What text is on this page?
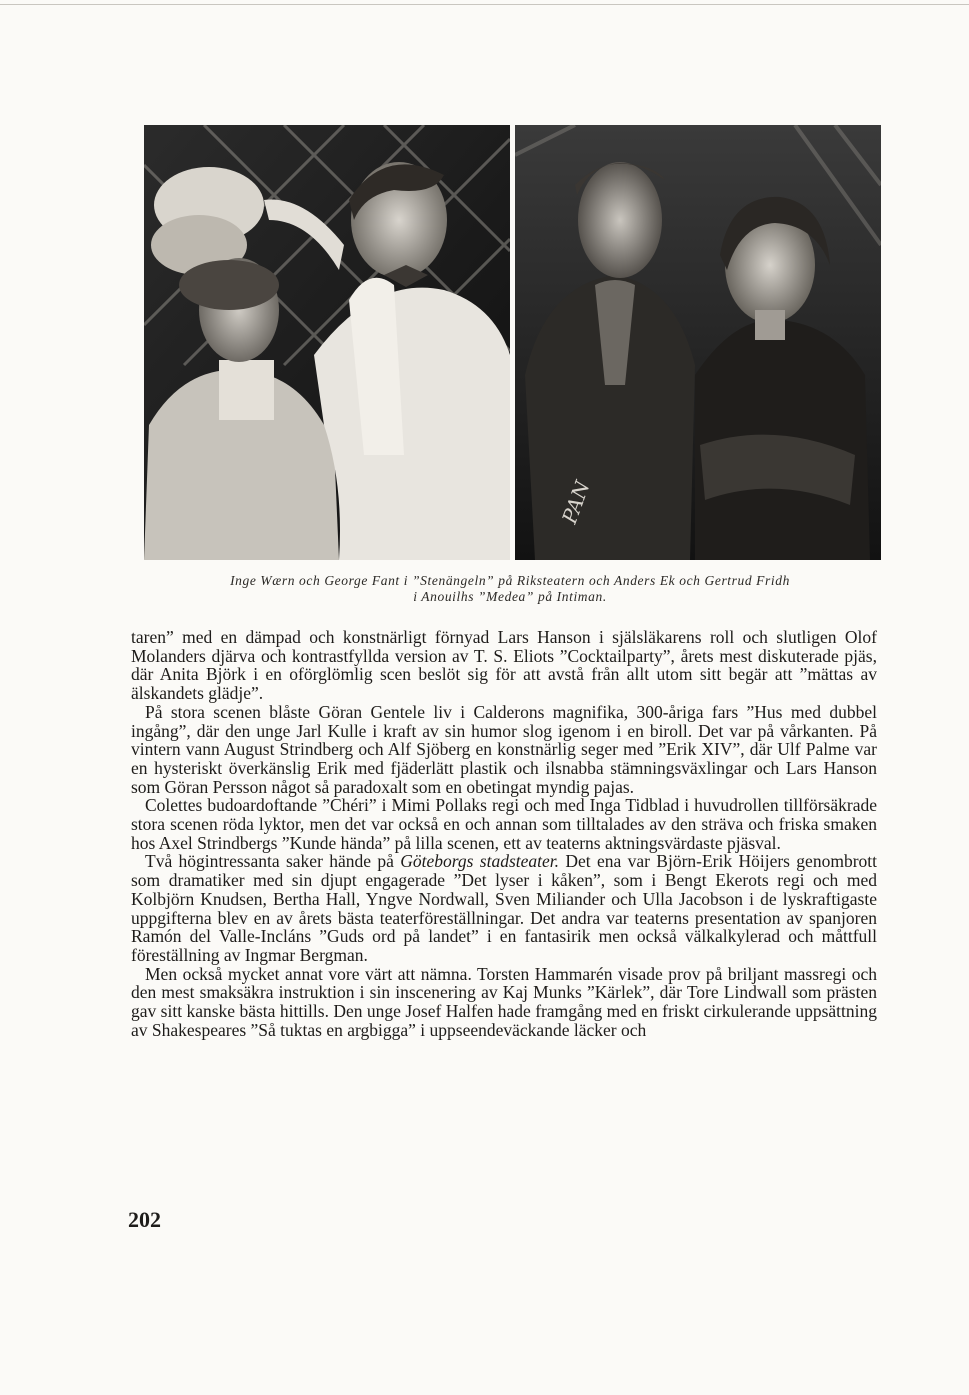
PAN
Inge Wærn och George Fant i ”Stenängeln” på Riksteatern och Anders Ek och Gertrud Fridh
i Anouilhs ”Medea” på Intiman.

taren” med en dämpad och konstnärligt förnyad Lars Hanson i själsläkarens roll och slutligen Olof Molanders djärva och kontrastfyllda version av T. S. Eliots ”Cocktailparty”, årets mest diskuterade pjäs, där Anita Björk i en oförglömlig scen beslöt sig för att avstå från allt utom sitt begär att ”mättas av älskandets glädje”.

På stora scenen blåste Göran Gentele liv i Calderons magnifika, 300-åriga fars ”Hus med dubbel ingång”, där den unge Jarl Kulle i kraft av sin humor slog igenom i en biroll. Det var på vårkanten. På vintern vann August Strindberg och Alf Sjöberg en konstnärlig seger med ”Erik XIV”, där Ulf Palme var en hysteriskt överkänslig Erik med fjäderlätt plastik och ilsnabba stämningsväxlingar och Lars Hanson som Göran Persson något så paradoxalt som en obetingat myndig pajas.

Colettes budoardoftande ”Chéri” i Mimi Pollaks regi och med Inga Tidblad i huvudrollen tillförsäkrade stora scenen röda lyktor, men det var också en och annan som tilltalades av den sträva och friska smaken hos Axel Strindbergs ”Kunde hända” på lilla scenen, ett av teaterns aktningsvärdaste pjäsval.

Två högintressanta saker hände på Göteborgs stadsteater. Det ena var Björn-Erik Höijers genombrott som dramatiker med sin djupt engagerade ”Det lyser i kåken”, som i Bengt Ekerots regi och med Kolbjörn Knudsen, Bertha Hall, Yngve Nordwall, Sven Miliander och Ulla Jacobson i de lyskraftigaste uppgifterna blev en av årets bästa teaterföreställningar. Det andra var teaterns presentation av spanjoren Ramón del Valle-Incláns ”Guds ord på landet” i en fantasirik men också välkalkylerad och måttfull föreställning av Ingmar Bergman.

Men också mycket annat vore värt att nämna. Torsten Hammarén visade prov på briljant massregi och den mest smaksäkra instruktion i sin inscenering av Kaj Munks ”Kärlek”, där Tore Lindwall som prästen gav sitt kanske bästa hittills. Den unge Josef Halfen hade framgång med en friskt cirkulerande uppsättning av Shakespeares ”Så tuktas en argbigga” i uppseendeväckande läcker och

202
